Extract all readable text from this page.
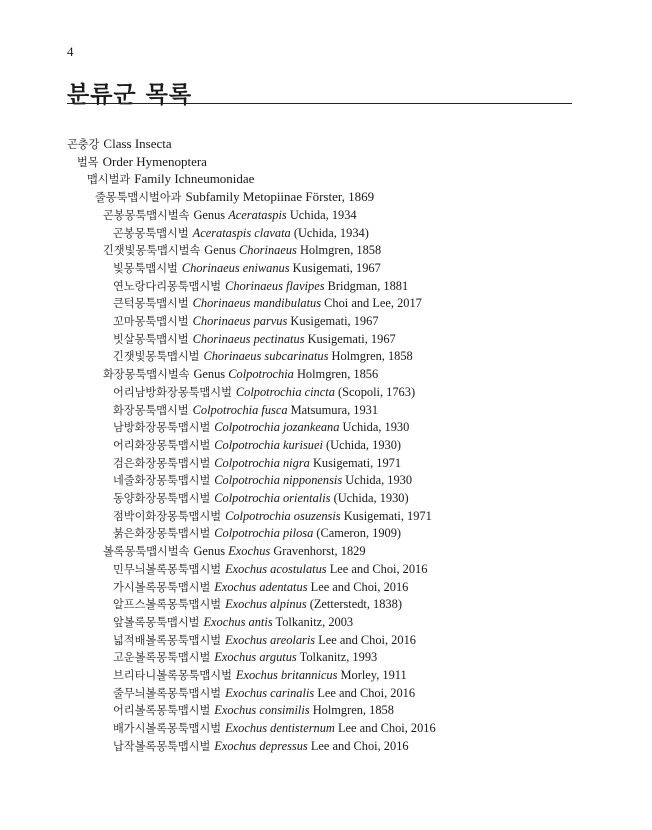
4
분류군 목록
곤충강 Class Insecta
벌목 Order Hymenoptera
맵시벌과 Family Ichneumonidae
줄몽툭맵시벌아과 Subfamily Metopiinae Förster, 1869
곤봉몽툭맵시벌속 Genus Acerataspis Uchida, 1934
곤봉몽툭맵시벌 Acerataspis clavata (Uchida, 1934)
긴잿빛몽툭맵시벌속 Genus Chorinaeus Holmgren, 1858
빛몽툭맵시벌 Chorinaeus eniwanus Kusigemati, 1967
연노랑다리몽툭맵시벌 Chorinaeus flavipes Bridgman, 1881
큰턱몽툭맵시벌 Chorinaeus mandibulatus Choi and Lee, 2017
꼬마몽툭맵시벌 Chorinaeus parvus Kusigemati, 1967
빗살몽툭맵시벌 Chorinaeus pectinatus Kusigemati, 1967
긴잿빛몽툭맵시벌 Chorinaeus subcarinatus Holmgren, 1858
화장몽툭맵시벌속 Genus Colpotrochia Holmgren, 1856
어리남방화장몽툭맵시벌 Colpotrochia cincta (Scopoli, 1763)
화장몽툭맵시벌 Colpotrochia fusca Matsumura, 1931
남방화장몽툭맵시벌 Colpotrochia jozankeana Uchida, 1930
어리화장몽툭맵시벌 Colpotrochia kurisuei (Uchida, 1930)
검은화장몽툭맵시벌 Colpotrochia nigra Kusigemati, 1971
네줄화장몽툭맵시벌 Colpotrochia nipponensis Uchida, 1930
동양화장몽툭맵시벌 Colpotrochia orientalis (Uchida, 1930)
점박이화장몽툭맵시벌 Colpotrochia osuzensis Kusigemati, 1971
붉은화장몽툭맵시벌 Colpotrochia pilosa (Cameron, 1909)
볼록몽툭맵시벌속 Genus Exochus Gravenhorst, 1829
민무늬볼록몽툭맵시벌 Exochus acostulatus Lee and Choi, 2016
가시볼록몽툭맵시벌 Exochus adentatus Lee and Choi, 2016
알프스볼록몽툭맵시벌 Exochus alpinus (Zetterstedt, 1838)
앞볼록몽툭맵시벌 Exochus antis Tolkanitz, 2003
넓적배볼록몽툭맵시벌 Exochus areolaris Lee and Choi, 2016
고운볼록몽툭맵시벌 Exochus argutus Tolkanitz, 1993
브리타니볼록몽툭맵시벌 Exochus britannicus Morley, 1911
줄무늬볼록몽툭맵시벌 Exochus carinalis Lee and Choi, 2016
어리볼록몽툭맵시벌 Exochus consimilis Holmgren, 1858
배가시볼록몽툭맵시벌 Exochus dentisternum Lee and Choi, 2016
납작볼록몽툭맵시벌 Exochus depressus Lee and Choi, 2016
